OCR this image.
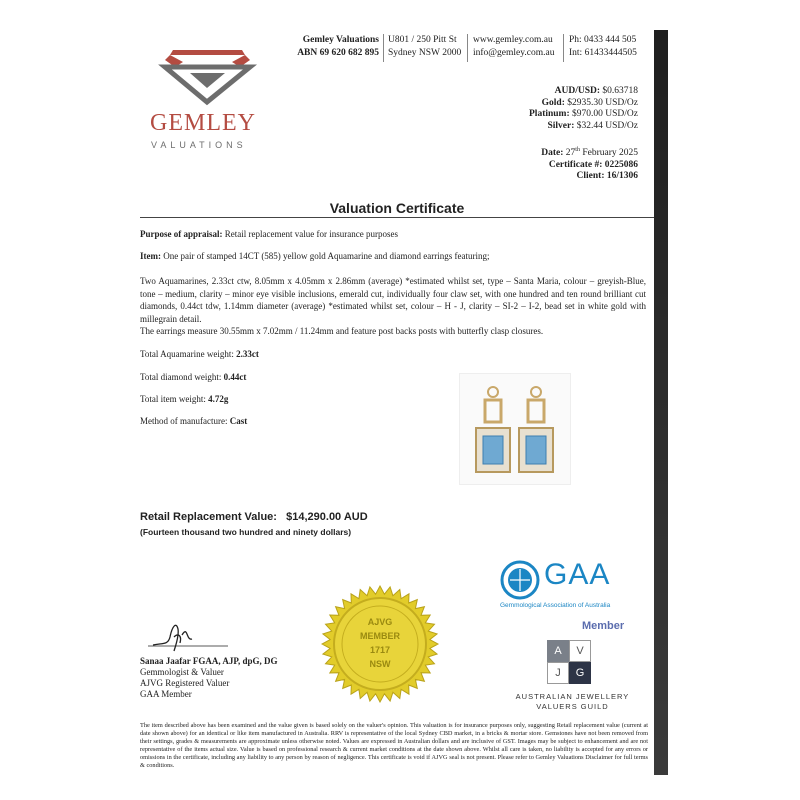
GEMLEY
VALUATIONS
Gemley Valuations
ABN 69 620 682 895
U801 / 250 Pitt St
Sydney NSW 2000
www.gemley.com.au
info@gemley.com.au
Ph: 0433 444 505
Int: 61433444505
AUD/USD: $0.63718
Gold: $2935.30 USD/Oz
Platinum: $970.00 USD/Oz
Silver: $32.44 USD/Oz
Date: 27th February 2025
Certificate #: 0225086
Client: 16/1306
Valuation Certificate
Purpose of appraisal: Retail replacement value for insurance purposes
Item: One pair of stamped 14CT (585) yellow gold Aquamarine and diamond earrings featuring;
Two Aquamarines, 2.33ct ctw, 8.05mm x 4.05mm x 2.86mm (average) *estimated whilst set, type – Santa Maria, colour – greyish-Blue, tone – medium, clarity – minor eye visible inclusions, emerald cut, individually four claw set, with one hundred and ten round brilliant cut diamonds, 0.44ct tdw, 1.14mm diameter (average) *estimated whilst set, colour – H - J, clarity – SI-2 – I-2, bead set in white gold with millegrain detail.
The earrings measure 30.55mm x 7.02mm / 11.24mm and feature post backs posts with butterfly clasp closures.
Total Aquamarine weight: 2.33ct
Total diamond weight: 0.44ct
Total item weight: 4.72g
Method of manufacture: Cast
Retail Replacement Value: $14,290.00 AUD
(Fourteen thousand two hundred and ninety dollars)
AJVG
MEMBER
1717
NSW
GAA
Gemmological Association of Australia
Member
A	V
J	G
AUSTRALIAN JEWELLERY
VALUERS GUILD
Sanaa Jaafar FGAA, AJP, dpG, DG
Gemmologist & Valuer
AJVG Registered Valuer
GAA Member
The item described above has been examined and the value given is based solely on the valuer's opinion. This valuation is for insurance purposes only, suggesting Retail replacement value (current at date shown above) for an identical or like item manufactured in Australia. RRV is representative of the local Sydney CBD market, in a bricks & mortar store. Gemstones have not been removed from their settings, grades & measurements are approximate unless otherwise noted. Values are expressed in Australian dollars and are inclusive of GST. Images may be subject to enhancement and are not representative of the items actual size. Value is based on professional research & current market conditions at the date shown above. Whilst all care is taken, no liability is accepted for any errors or omissions in the certificate, including any liability to any person by reason of negligence. This certificate is void if AJVG seal is not present. Please refer to Gemley Valuations Disclaimer for full terms & conditions.
